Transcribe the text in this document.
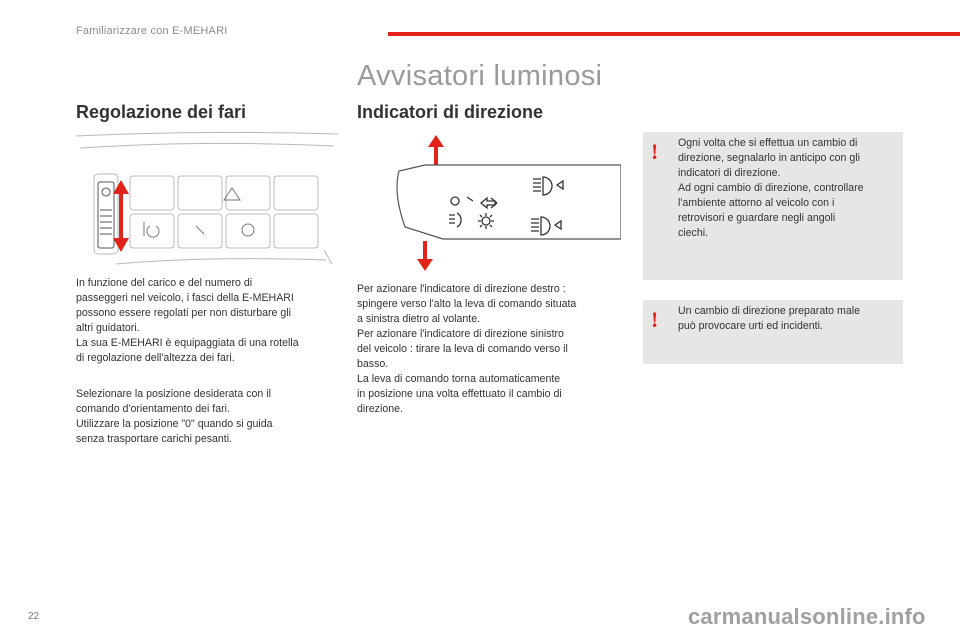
Familiarizzare con E-MEHARI
Avvisatori luminosi
Regolazione dei fari

In funzione del carico e del numero di

passeggeri nel veicolo, i fasci della E-MEHARI

possono essere regolati per non disturbare gli

altri guidatori.

La sua E-MEHARI è equipaggiata di una rotella

di regolazione dell'altezza dei fari.

Selezionare la posizione desiderata con il

comando d'orientamento dei fari.

Utilizzare la posizione "0" quando si guida

senza trasportare carichi pesanti.

Indicatori di direzione

Per azionare l'indicatore di direzione destro :

spingere verso l'alto la leva di comando situata

a sinistra dietro al volante.

Per azionare l'indicatore di direzione sinistro

del veicolo : tirare la leva di comando verso il

basso.

La leva di comando torna automaticamente

in posizione una volta effettuato il cambio di

direzione.

! Ogni volta che si effettua un cambio di

direzione, segnalarlo in anticipo con gli

indicatori di direzione.

Ad ogni cambio di direzione, controllare

l'ambiente attorno al veicolo con i

retrovisori e guardare negli angoli

ciechi.

! Un cambio di direzione preparato male

può provocare urti ed incidenti.

22	carmanualsonline.info
